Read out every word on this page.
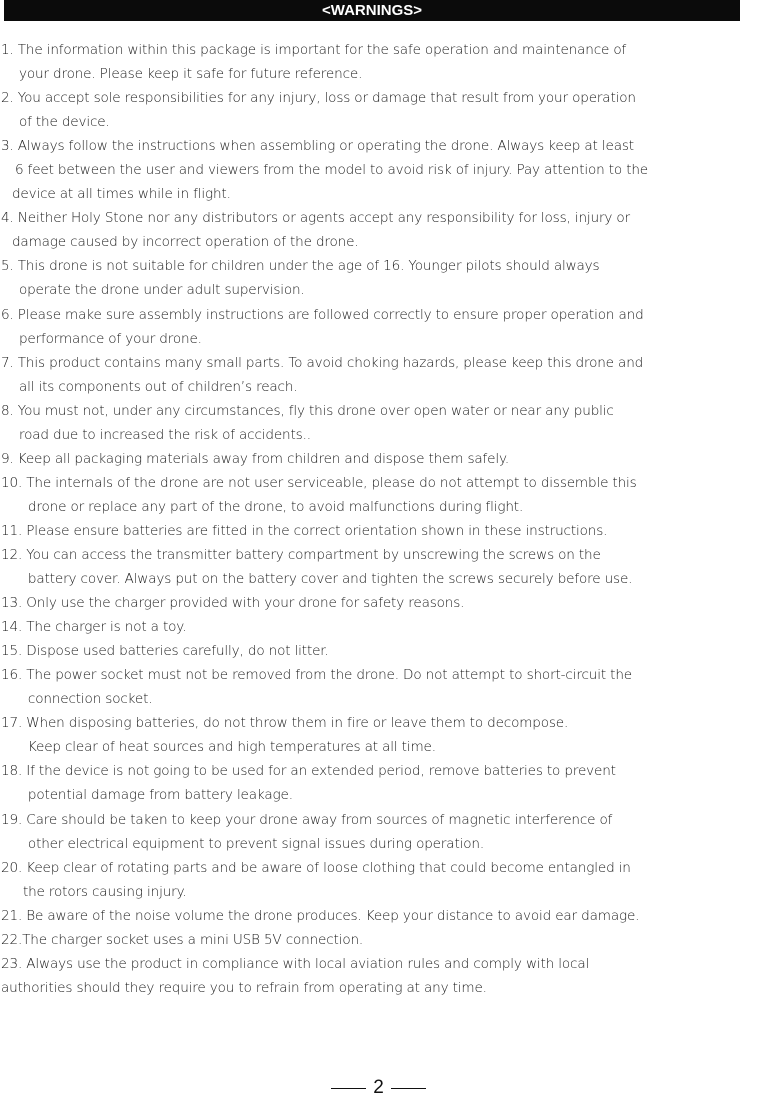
<WARNINGS>
1. The information within this package is important for the safe operation and maintenance of
your drone. Please keep it safe for future reference.
2. You accept sole responsibilities for any injury, loss or damage that result from your operation
of the device.
3. Always follow the instructions when assembling or operating the drone. Always keep at least
6 feet between the user and viewers from the model to avoid risk of injury. Pay attention to the
device at all times while in flight.
4. Neither Holy Stone nor any distributors or agents accept any responsibility for loss, injury or
damage caused by incorrect operation of the drone.
5. This drone is not suitable for children under the age of 16. Younger pilots should always
operate the drone under adult supervision.
6. Please make sure assembly instructions are followed correctly to ensure proper operation and
performance of your drone.
7. This product contains many small parts. To avoid choking hazards, please keep this drone and
all its components out of children’s reach.
8. You must not, under any circumstances, fly this drone over open water or near any public
road due to increased the risk of accidents..
9. Keep all packaging materials away from children and dispose them safely.
10. The internals of the drone are not user serviceable, please do not attempt to dissemble this
drone or replace any part of the drone, to avoid malfunctions during flight.
11. Please ensure batteries are fitted in the correct orientation shown in these instructions.
12. You can access the transmitter battery compartment by unscrewing the screws on the
battery cover. Always put on the battery cover and tighten the screws securely before use.
13. Only use the charger provided with your drone for safety reasons.
14. The charger is not a toy.
15. Dispose used batteries carefully, do not litter.
16. The power socket must not be removed from the drone. Do not attempt to short-circuit the
connection socket.
17. When disposing batteries, do not throw them in fire or leave them to decompose.
Keep clear of heat sources and high temperatures at all time.
18. If the device is not going to be used for an extended period, remove batteries to prevent
potential damage from battery leakage.
19. Care should be taken to keep your drone away from sources of magnetic interference of
other electrical equipment to prevent signal issues during operation.
20. Keep clear of rotating parts and be aware of loose clothing that could become entangled in
the rotors causing injury.
21. Be aware of the noise volume the drone produces. Keep your distance to avoid ear damage.
22.The charger socket uses a mini USB 5V connection.
23. Always use the product in compliance with local aviation rules and comply with local
authorities should they require you to refrain from operating at any time.
2
